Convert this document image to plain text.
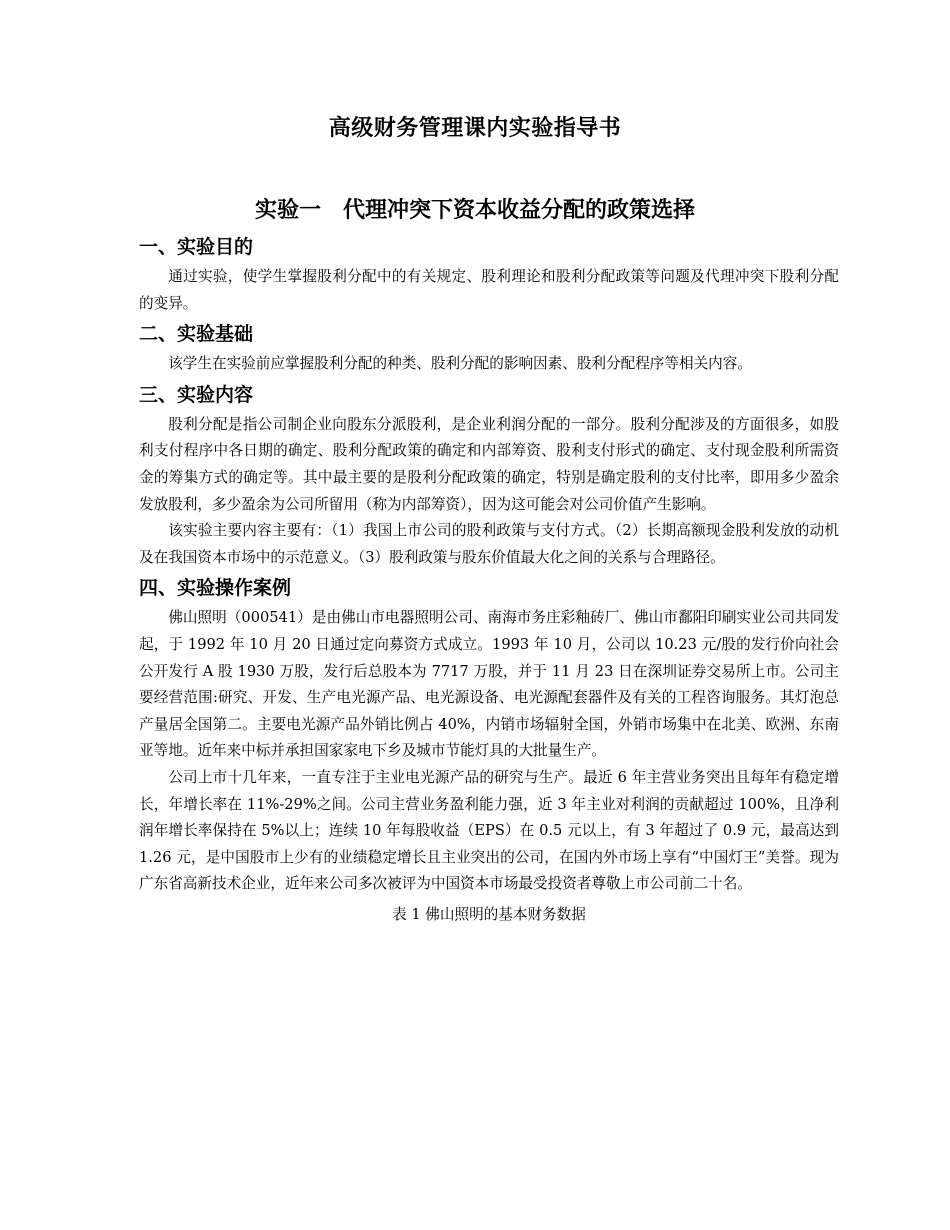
高级财务管理课内实验指导书
实验一　代理冲突下资本收益分配的政策选择
一、实验目的

通过实验，使学生掌握股利分配中的有关规定、股利理论和股利分配政策等问题及代理冲突下股利分配的变异。

二、实验基础

该学生在实验前应掌握股利分配的种类、股利分配的影响因素、股利分配程序等相关内容。

三、实验内容

股利分配是指公司制企业向股东分派股利，是企业利润分配的一部分。股利分配涉及的方面很多，如股利支付程序中各日期的确定、股利分配政策的确定和内部筹资、股利支付形式的确定、支付现金股利所需资金的筹集方式的确定等。其中最主要的是股利分配政策的确定，特别是确定股利的支付比率，即用多少盈余发放股利，多少盈余为公司所留用（称为内部筹资），因为这可能会对公司价值产生影响。

该实验主要内容主要有：（1）我国上市公司的股利政策与支付方式。（2）长期高额现金股利发放的动机及在我国资本市场中的示范意义。（3）股利政策与股东价值最大化之间的关系与合理路径。

四、实验操作案例

佛山照明（000541）是由佛山市电器照明公司、南海市务庄彩釉砖厂、佛山市鄱阳印刷实业公司共同发起，于 1992 年 10 月 20 日通过定向募资方式成立。1993 年 10 月，公司以 10.23 元/股的发行价向社会公开发行 A 股 1930 万股，发行后总股本为 7717 万股，并于 11 月 23 日在深圳证券交易所上市。公司主要经营范围:研究、开发、生产电光源产品、电光源设备、电光源配套器件及有关的工程咨询服务。其灯泡总产量居全国第二。主要电光源产品外销比例占 40%，内销市场辐射全国，外销市场集中在北美、欧洲、东南亚等地。近年来中标并承担国家家电下乡及城市节能灯具的大批量生产。

公司上市十几年来，一直专注于主业电光源产品的研究与生产。最近 6 年主营业务突出且每年有稳定增长，年增长率在 11%-29%之间。公司主营业务盈利能力强，近 3 年主业对利润的贡献超过 100%，且净利润年增长率保持在 5%以上；连续 10 年每股收益（EPS）在 0.5 元以上，有 3 年超过了 0.9 元，最高达到 1.26 元，是中国股市上少有的业绩稳定增长且主业突出的公司，在国内外市场上享有“中国灯王”美誉。现为广东省高新技术企业，近年来公司多次被评为中国资本市场最受投资者尊敬上市公司前二十名。

表 1 佛山照明的基本财务数据
